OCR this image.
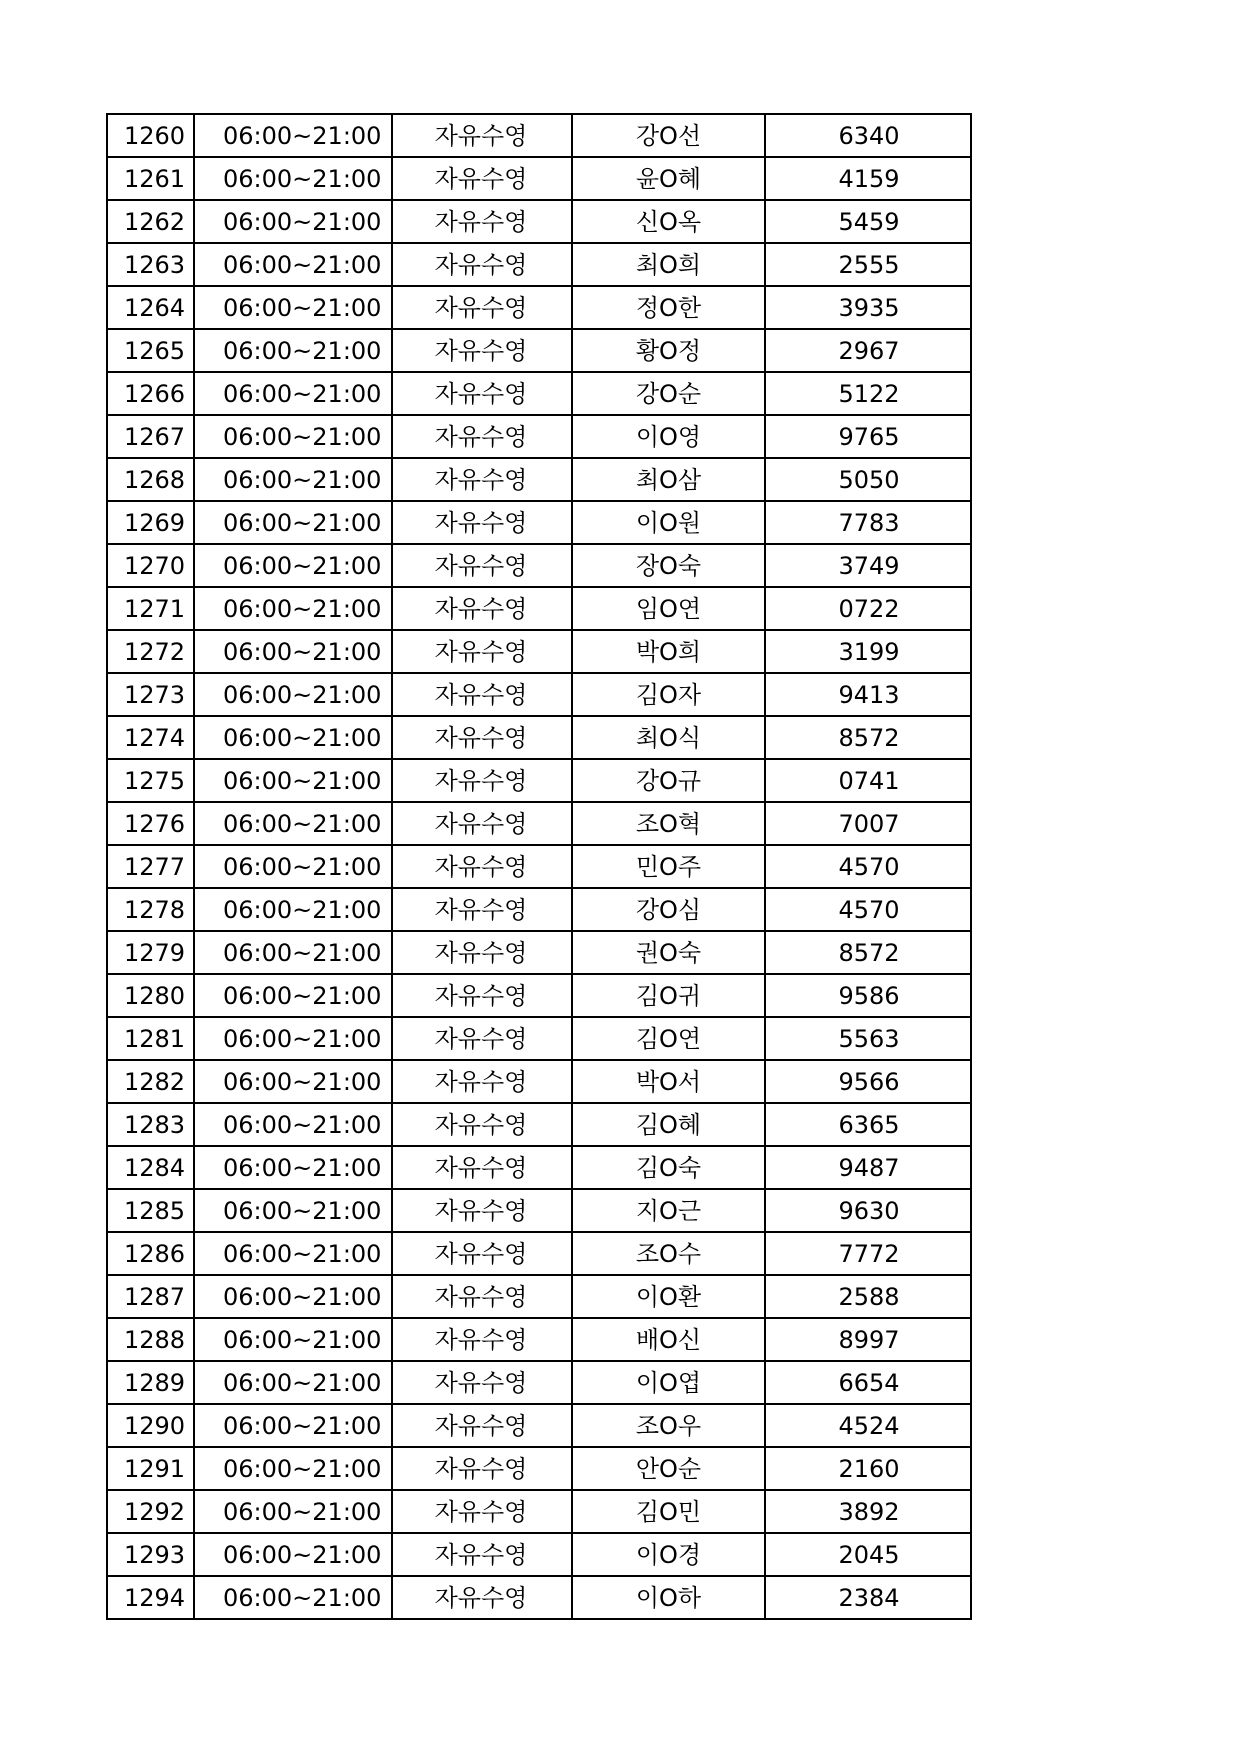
1260	06:00~21:00	자유수영	강O선	6340
1261	06:00~21:00	자유수영	윤O혜	4159
1262	06:00~21:00	자유수영	신O옥	5459
1263	06:00~21:00	자유수영	최O희	2555
1264	06:00~21:00	자유수영	정O한	3935
1265	06:00~21:00	자유수영	황O정	2967
1266	06:00~21:00	자유수영	강O순	5122
1267	06:00~21:00	자유수영	이O영	9765
1268	06:00~21:00	자유수영	최O삼	5050
1269	06:00~21:00	자유수영	이O원	7783
1270	06:00~21:00	자유수영	장O숙	3749
1271	06:00~21:00	자유수영	임O연	0722
1272	06:00~21:00	자유수영	박O희	3199
1273	06:00~21:00	자유수영	김O자	9413
1274	06:00~21:00	자유수영	최O식	8572
1275	06:00~21:00	자유수영	강O규	0741
1276	06:00~21:00	자유수영	조O혁	7007
1277	06:00~21:00	자유수영	민O주	4570
1278	06:00~21:00	자유수영	강O심	4570
1279	06:00~21:00	자유수영	권O숙	8572
1280	06:00~21:00	자유수영	김O귀	9586
1281	06:00~21:00	자유수영	김O연	5563
1282	06:00~21:00	자유수영	박O서	9566
1283	06:00~21:00	자유수영	김O혜	6365
1284	06:00~21:00	자유수영	김O숙	9487
1285	06:00~21:00	자유수영	지O근	9630
1286	06:00~21:00	자유수영	조O수	7772
1287	06:00~21:00	자유수영	이O환	2588
1288	06:00~21:00	자유수영	배O신	8997
1289	06:00~21:00	자유수영	이O엽	6654
1290	06:00~21:00	자유수영	조O우	4524
1291	06:00~21:00	자유수영	안O순	2160
1292	06:00~21:00	자유수영	김O민	3892
1293	06:00~21:00	자유수영	이O경	2045
1294	06:00~21:00	자유수영	이O하	2384
